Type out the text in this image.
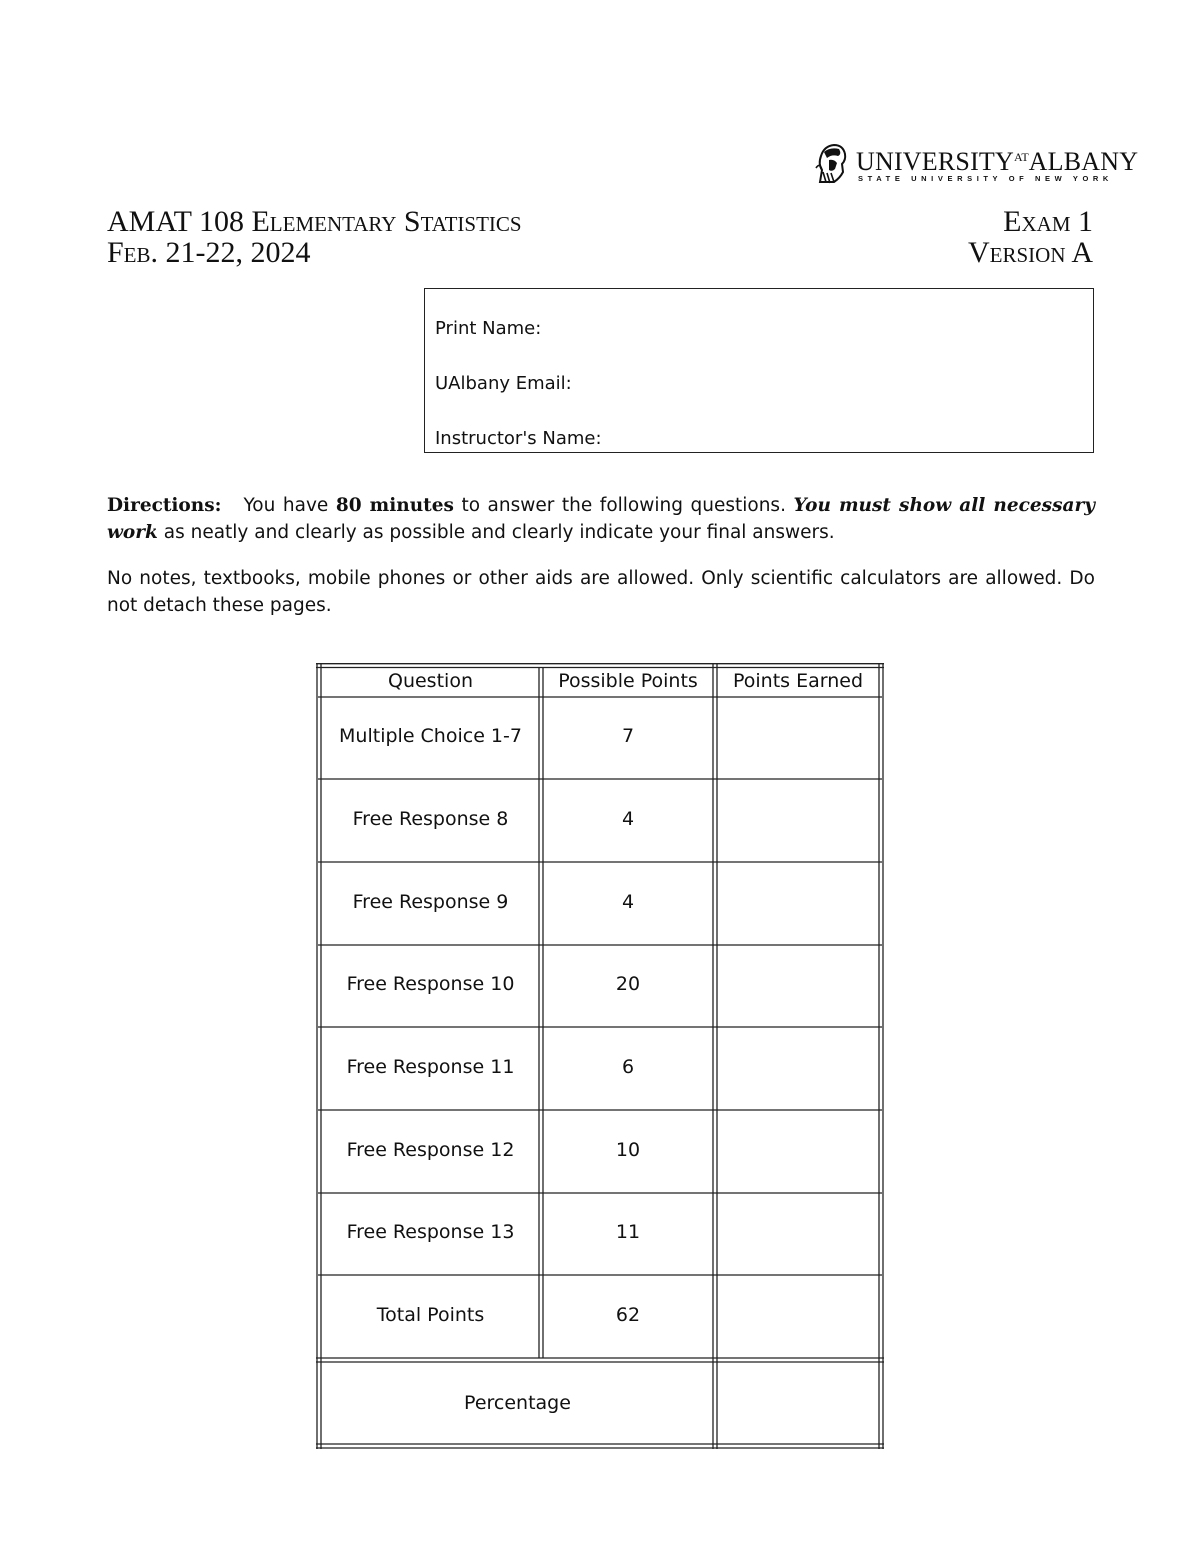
$UNIVERSITY^{AT}ALBANY$
STATE UNIVERSITY OF NEW YORK
AMAT 108 Elementary Statistics
Feb. 21-22, 2024
Exam 1
Version A
Print Name:
UAlbany Email:
Instructor's Name:
Directions: You have 80 minutes to answer the following questions. You must show all necessary work as neatly and clearly as possible and clearly indicate your final answers.
No notes, textbooks, mobile phones or other aids are allowed. Only scientific calculators are allowed. Do not detach these pages.
Question	Possible Points	Points Earned
Multiple Choice 1-7	7
Free Response 8	4
Free Response 9	4
Free Response 10	20
Free Response 11	6
Free Response 12	10
Free Response 13	11
Total Points	62
Percentage
